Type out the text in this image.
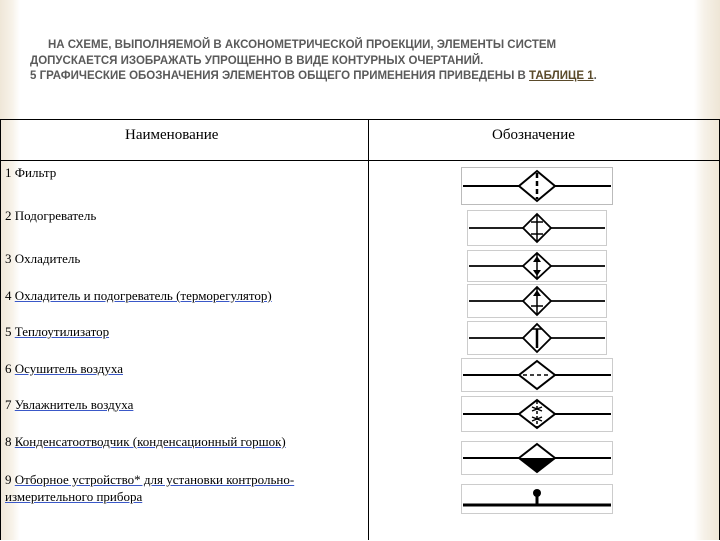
НА СХЕМЕ, ВЫПОЛНЯЕМОЙ В АКСОНОМЕТРИЧЕСКОЙ ПРОЕКЦИИ, ЭЛЕМЕНТЫ СИСТЕМ
ДОПУСКАЕТСЯ ИЗОБРАЖАТЬ УПРОЩЕННО В ВИДЕ КОНТУРНЫХ ОЧЕРТАНИЙ.
5 ГРАФИЧЕСКИЕ ОБОЗНАЧЕНИЯ ЭЛЕМЕНТОВ ОБЩЕГО ПРИМЕНЕНИЯ ПРИВЕДЕНЫ В ТАБЛИЦЕ 1.
Наименование	Обозначение
1 Фильтр
2 Подогреватель
3 Охладитель
4 Охладитель и подогреватель (терморегулятор)
5 Теплоутилизатор
6 Осушитель воздуха
7 Увлажнитель воздуха
8 Конденсатоотводчик (конденсационный горшок)
9 Отборное устройство* для установки контрольно-
измерительного прибора
